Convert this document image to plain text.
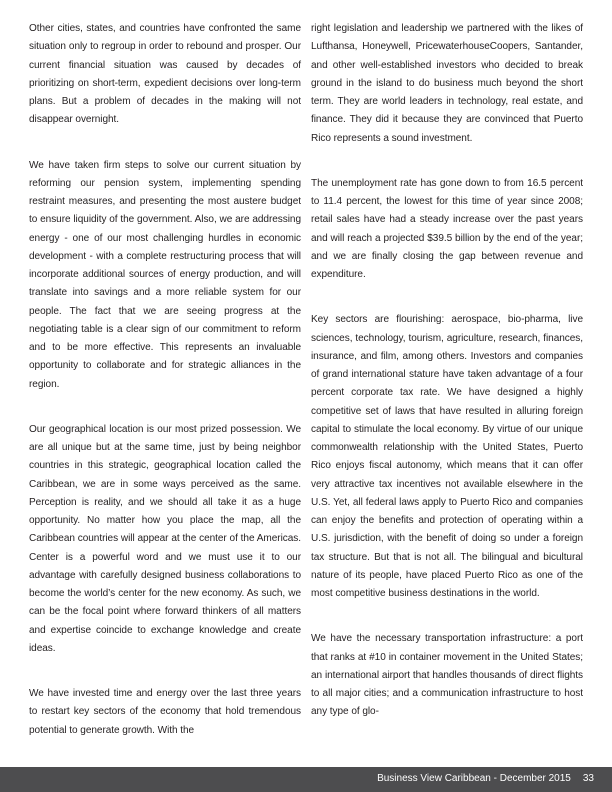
Other cities, states, and countries have confronted the same situation only to regroup in order to rebound and prosper. Our current financial situation was caused by decades of prioritizing on short-term, expedient decisions over long-term plans. But a problem of decades in the making will not disappear overnight.

We have taken firm steps to solve our current situation by reforming our pension system, implementing spending restraint measures, and presenting the most austere budget to ensure liquidity of the government. Also, we are addressing energy - one of our most challenging hurdles in economic development - with a complete restructuring process that will incorporate additional sources of energy production, and will translate into savings and a more reliable system for our people. The fact that we are seeing progress at the negotiating table is a clear sign of our commitment to reform and to be more effective. This represents an invaluable opportunity to collaborate and for strategic alliances in the region.

Our geographical location is our most prized possession. We are all unique but at the same time, just by being neighbor countries in this strategic, geographical location called the Caribbean, we are in some ways perceived as the same. Perception is reality, and we should all take it as a huge opportunity. No matter how you place the map, all the Caribbean countries will appear at the center of the Americas. Center is a powerful word and we must use it to our advantage with carefully designed business collaborations to become the world’s center for the new economy. As such, we can be the focal point where forward thinkers of all matters and expertise coincide to exchange knowledge and create ideas.

We have invested time and energy over the last three years to restart key sectors of the economy that hold tremendous potential to generate growth. With the

right legislation and leadership we partnered with the likes of Lufthansa, Honeywell, PricewaterhouseCoopers, Santander, and other well-established investors who decided to break ground in the island to do business much beyond the short term. They are world leaders in technology, real estate, and finance. They did it because they are convinced that Puerto Rico represents a sound investment.

The unemployment rate has gone down to from 16.5 percent to 11.4 percent, the lowest for this time of year since 2008; retail sales have had a steady increase over the past years and will reach a projected $39.5 billion by the end of the year; and we are finally closing the gap between revenue and expenditure.

Key sectors are flourishing: aerospace, bio-pharma, live sciences, technology, tourism, agriculture, research, finances, insurance, and film, among others. Investors and companies of grand international stature have taken advantage of a four percent corporate tax rate. We have designed a highly competitive set of laws that have resulted in alluring foreign capital to stimulate the local economy. By virtue of our unique commonwealth relationship with the United States, Puerto Rico enjoys fiscal autonomy, which means that it can offer very attractive tax incentives not available elsewhere in the U.S. Yet, all federal laws apply to Puerto Rico and companies can enjoy the benefits and protection of operating within a U.S. jurisdiction, with the benefit of doing so under a foreign tax structure. But that is not all. The bilingual and bicultural nature of its people, have placed Puerto Rico as one of the most competitive business destinations in the world.

We have the necessary transportation infrastructure: a port that ranks at #10 in container movement in the United States; an international airport that handles thousands of direct flights to all major cities; and a communication infrastructure to host any type of glo-

Business View Caribbean - December 2015 33
